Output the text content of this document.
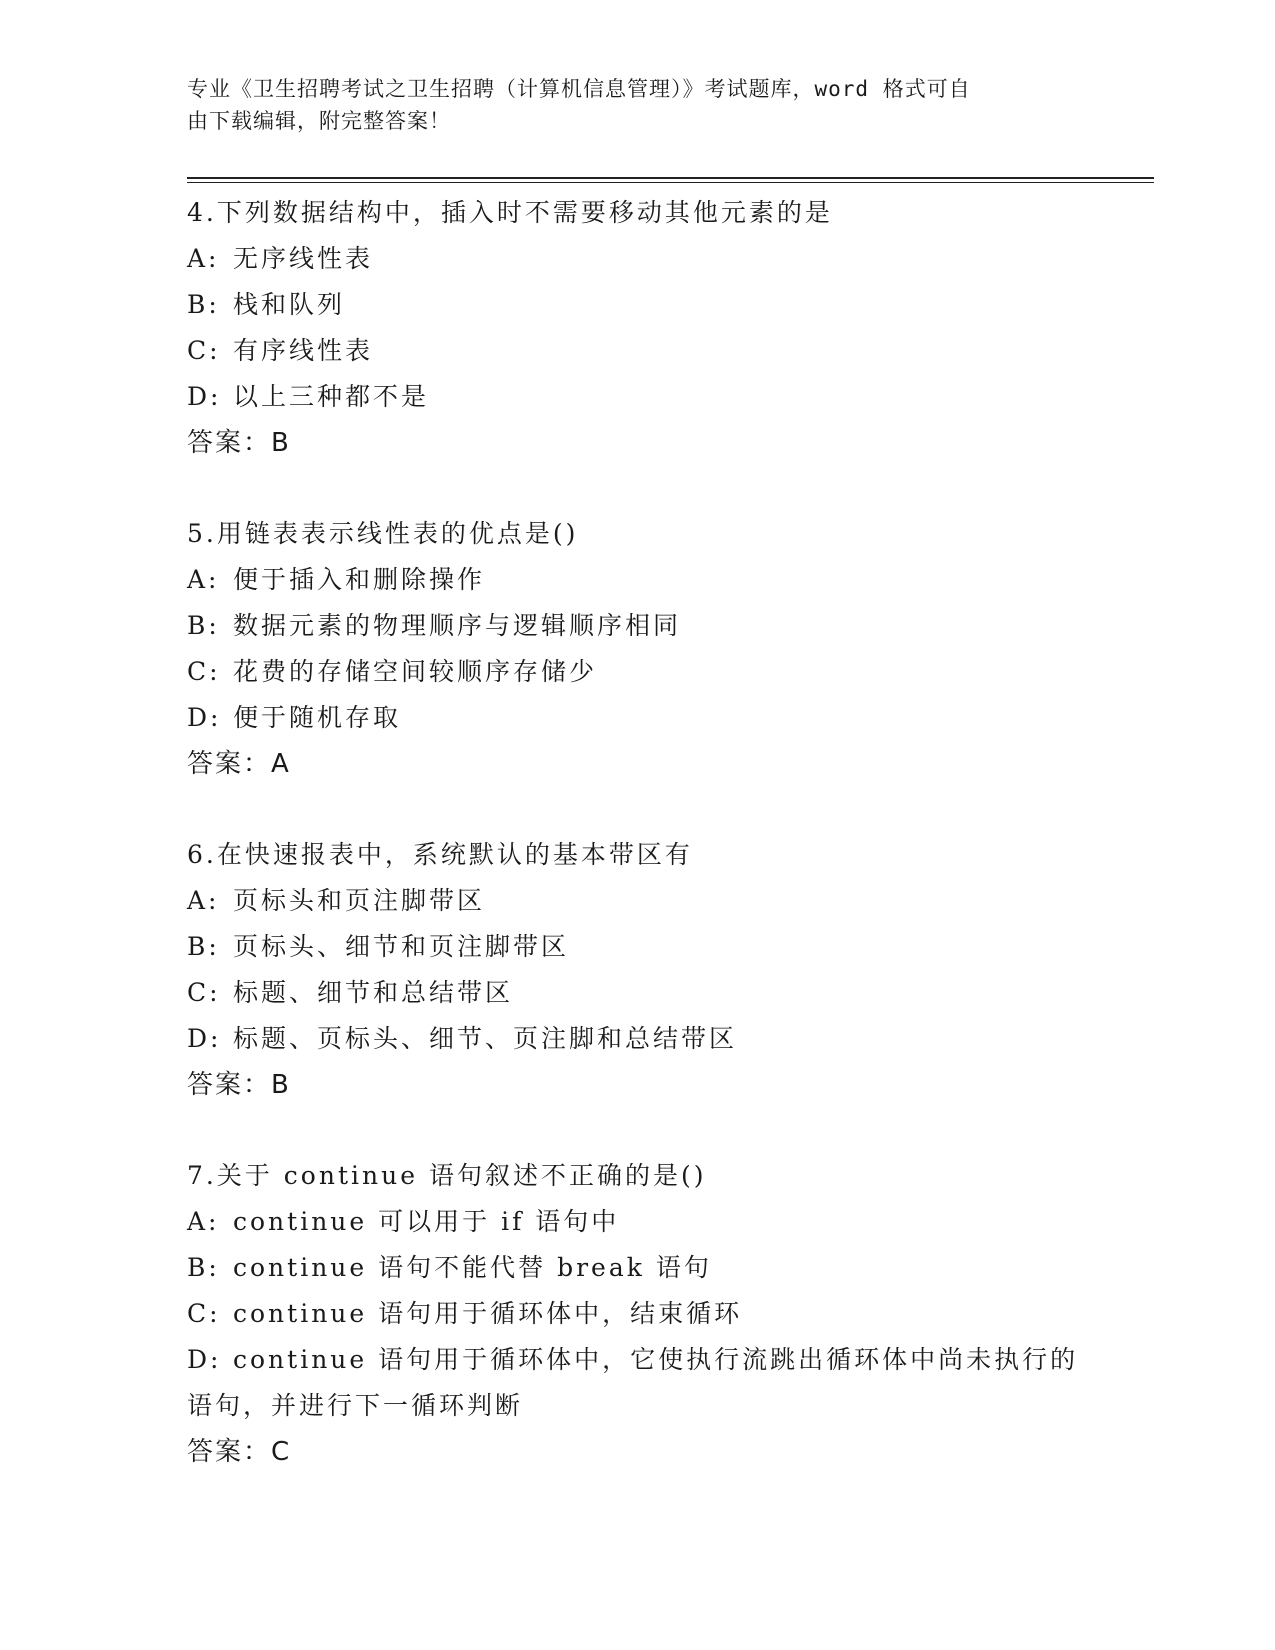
专业《卫生招聘考试之卫生招聘（计算机信息管理）》考试题库，word 格式可自
由下载编辑，附完整答案！
4.下列数据结构中，插入时不需要移动其他元素的是
A: 无序线性表
B: 栈和队列
C: 有序线性表
D: 以上三种都不是
答案：B
5.用链表表示线性表的优点是()
A: 便于插入和删除操作
B: 数据元素的物理顺序与逻辑顺序相同
C: 花费的存储空间较顺序存储少
D: 便于随机存取
答案：A
6.在快速报表中，系统默认的基本带区有
A: 页标头和页注脚带区
B: 页标头、细节和页注脚带区
C: 标题、细节和总结带区
D: 标题、页标头、细节、页注脚和总结带区
答案：B
7.关于 continue 语句叙述不正确的是()
A: continue 可以用于 if 语句中
B: continue 语句不能代替 break 语句
C: continue 语句用于循环体中，结束循环
D: continue 语句用于循环体中，它使执行流跳出循环体中尚未执行的
语句，并进行下一循环判断
答案：C
